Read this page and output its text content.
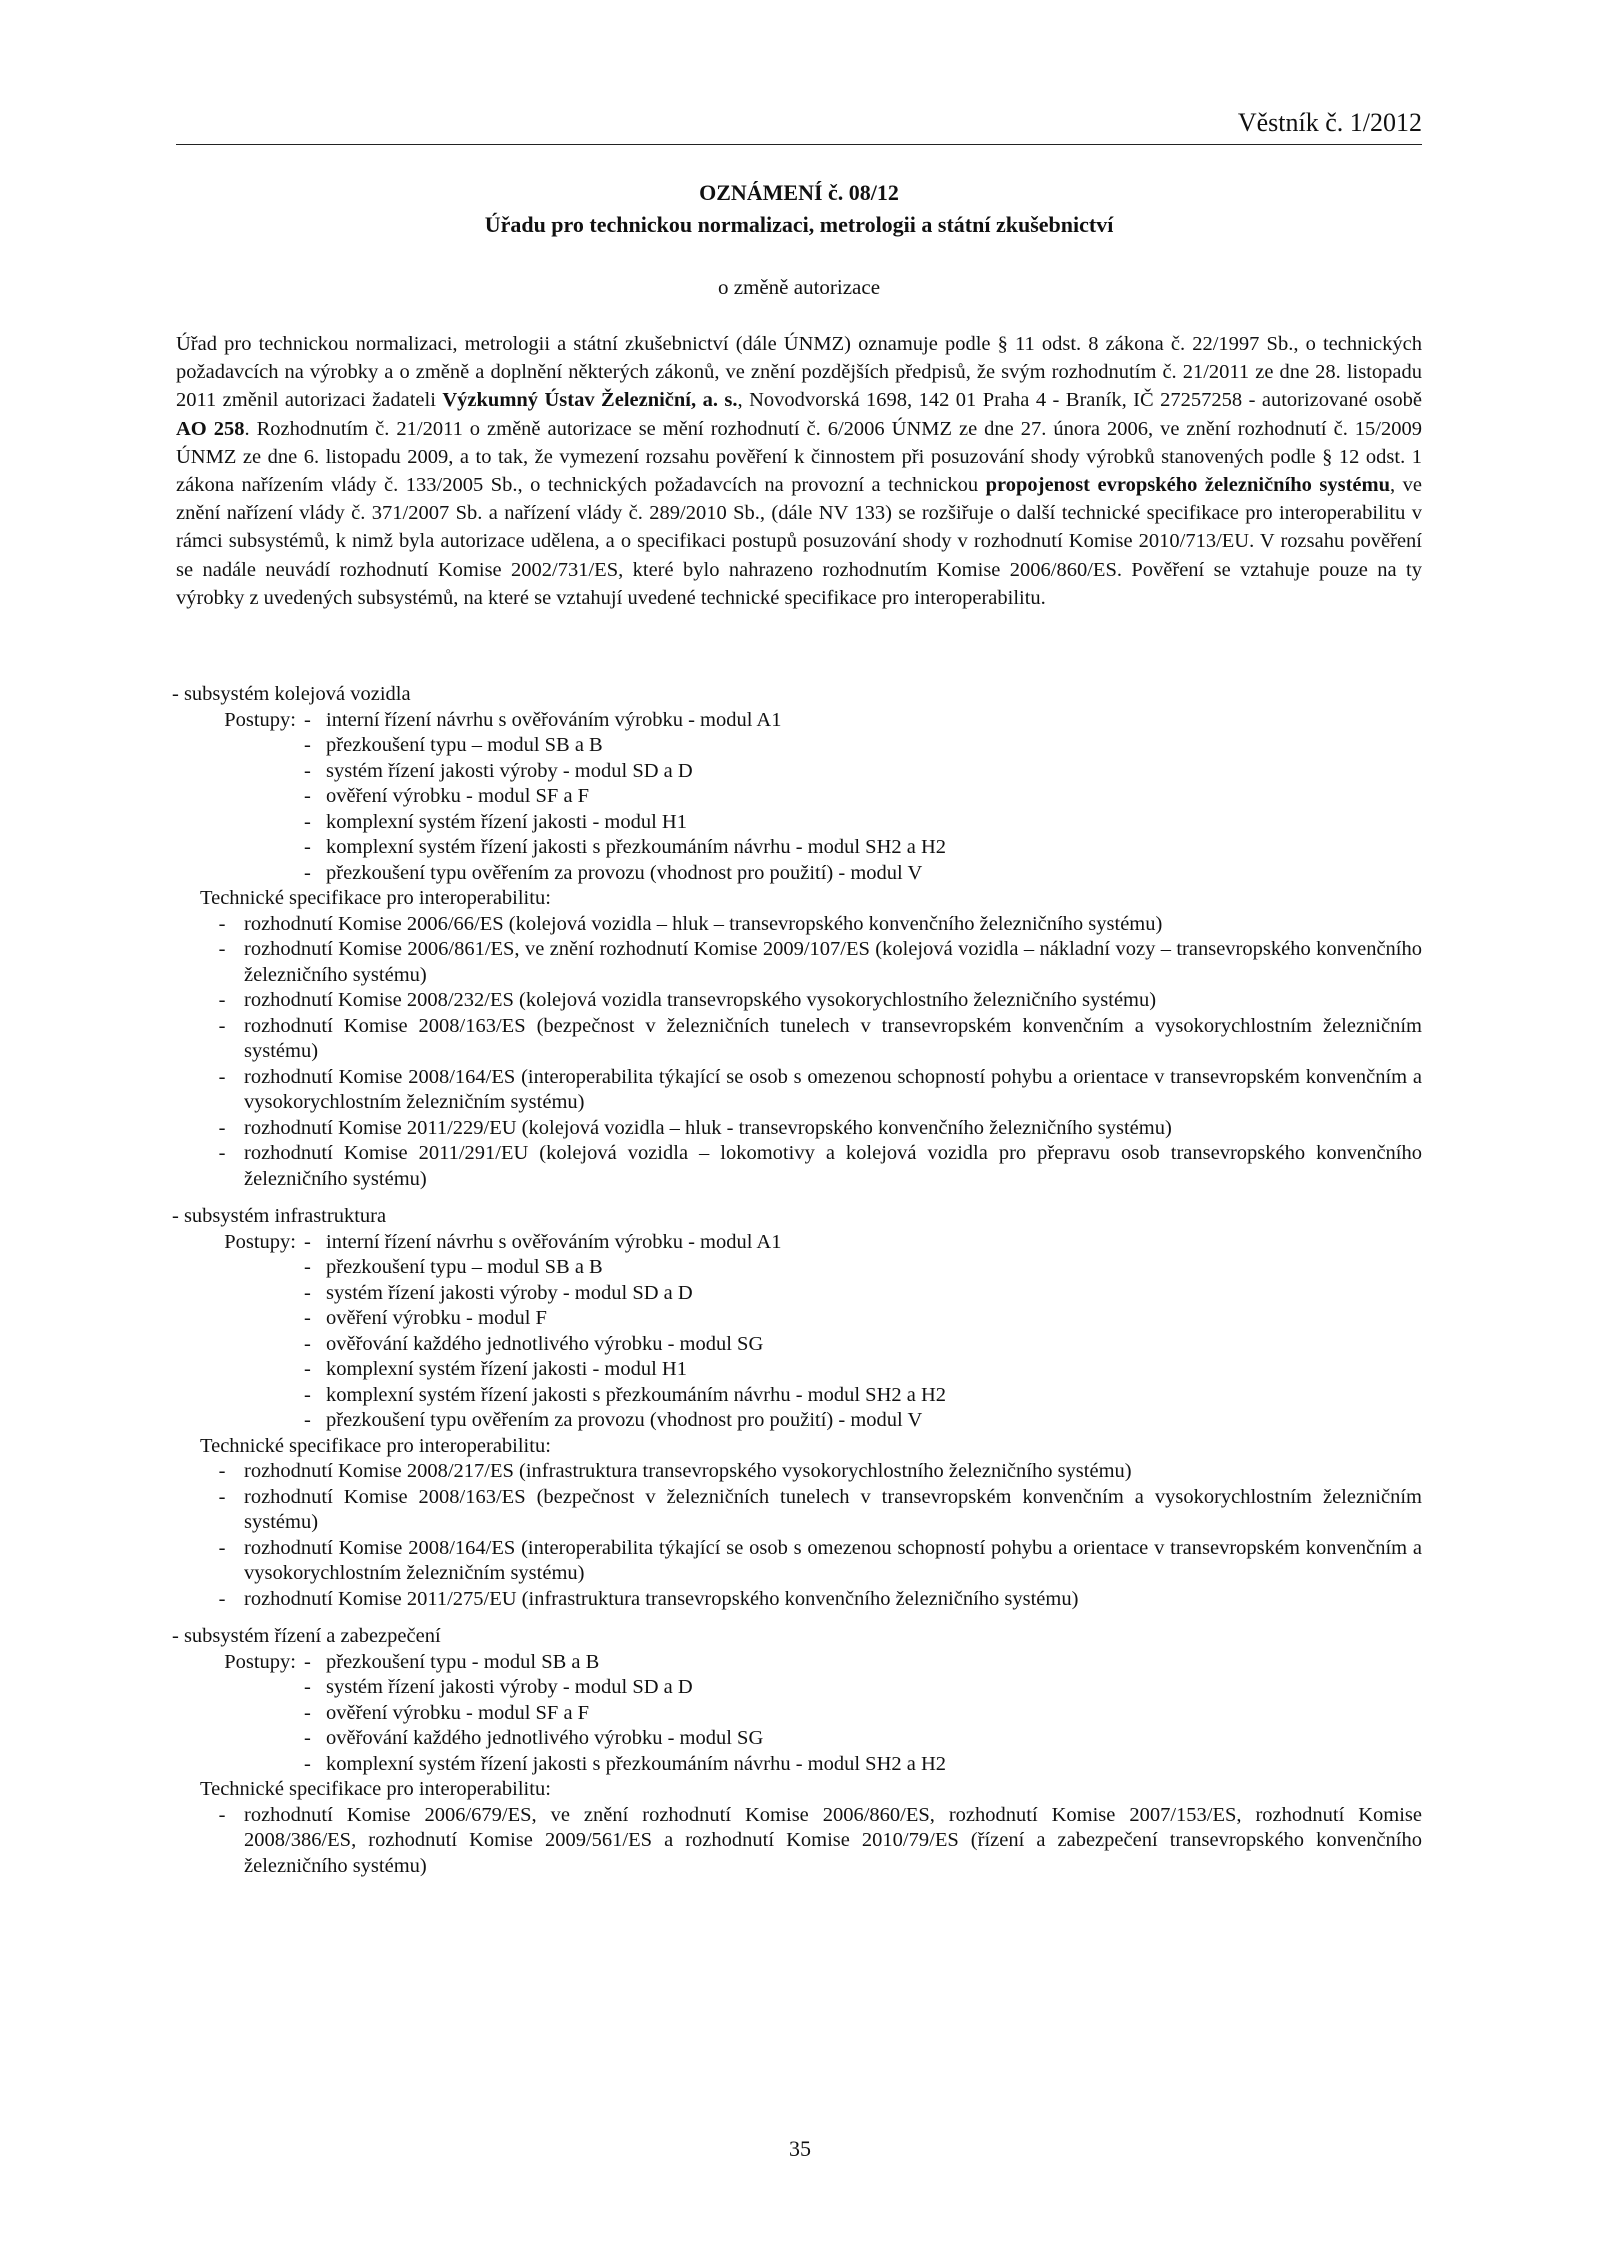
Věstník č. 1/2012
OZNÁMENÍ č. 08/12
Úřadu pro technickou normalizaci, metrologii a státní zkušebnictví
o změně autorizace
Úřad pro technickou normalizaci, metrologii a státní zkušebnictví (dále ÚNMZ) oznamuje podle § 11 odst. 8 zákona č. 22/1997 Sb., o technických požadavcích na výrobky a o změně a doplnění některých zákonů, ve znění pozdějších předpisů, že svým rozhodnutím č. 21/2011 ze dne 28. listopadu 2011 změnil autorizaci žadateli Výzkumný Ústav Železniční, a. s., Novodvorská 1698, 142 01 Praha 4 - Braník, IČ 27257258 - autorizované osobě AO 258. Rozhodnutím č. 21/2011 o změně autorizace se mění rozhodnutí č. 6/2006 ÚNMZ ze dne 27. února 2006, ve znění rozhodnutí č. 15/2009 ÚNMZ ze dne 6. listopadu 2009, a to tak, že vymezení rozsahu pověření k činnostem při posuzování shody výrobků stanovených podle § 12 odst. 1 zákona nařízením vlády č. 133/2005 Sb., o technických požadavcích na provozní a technickou propojenost evropského železničního systému, ve znění nařízení vlády č. 371/2007 Sb. a nařízení vlády č. 289/2010 Sb., (dále NV 133) se rozšiřuje o další technické specifikace pro interoperabilitu v rámci subsystémů, k nimž byla autorizace udělena, a o specifikaci postupů posuzování shody v rozhodnutí Komise 2010/713/EU. V rozsahu pověření se nadále neuvádí rozhodnutí Komise 2002/731/ES, které bylo nahrazeno rozhodnutím Komise 2006/860/ES. Pověření se vztahuje pouze na ty výrobky z uvedených subsystémů, na které se vztahují uvedené technické specifikace pro interoperabilitu.
- subsystém kolejová vozidla
Postupy: - interní řízení návrhu s ověřováním výrobku - modul A1
- přezkoušení typu – modul SB a B
- systém řízení jakosti výroby - modul SD a D
- ověření výrobku - modul SF a F
- komplexní systém řízení jakosti - modul H1
- komplexní systém řízení jakosti s přezkoumáním návrhu - modul SH2 a H2
- přezkoušení typu ověřením za provozu (vhodnost pro použití) - modul V
Technické specifikace pro interoperabilitu:
- rozhodnutí Komise 2006/66/ES (kolejová vozidla – hluk – transevropského konvenčního železničního systému)
- rozhodnutí Komise 2006/861/ES, ve znění rozhodnutí Komise 2009/107/ES (kolejová vozidla – nákladní vozy – transevropského konvenčního železničního systému)
- rozhodnutí Komise 2008/232/ES (kolejová vozidla transevropského vysokorychlostního železničního systému)
- rozhodnutí Komise 2008/163/ES (bezpečnost v železničních tunelech v transevropském konvenčním a vysokorychlostním železničním systému)
- rozhodnutí Komise 2008/164/ES (interoperabilita týkající se osob s omezenou schopností pohybu a orientace v transevropském konvenčním a vysokorychlostním železničním systému)
- rozhodnutí Komise 2011/229/EU (kolejová vozidla – hluk - transevropského konvenčního železničního systému)
- rozhodnutí Komise 2011/291/EU (kolejová vozidla – lokomotivy a kolejová vozidla pro přepravu osob transevropského konvenčního železničního systému)
- subsystém infrastruktura
Postupy: - interní řízení návrhu s ověřováním výrobku - modul A1
- přezkoušení typu – modul SB a B
- systém řízení jakosti výroby - modul SD a D
- ověření výrobku - modul F
- ověřování každého jednotlivého výrobku - modul SG
- komplexní systém řízení jakosti - modul H1
- komplexní systém řízení jakosti s přezkoumáním návrhu - modul SH2 a H2
- přezkoušení typu ověřením za provozu (vhodnost pro použití) - modul V
Technické specifikace pro interoperabilitu:
- rozhodnutí Komise 2008/217/ES (infrastruktura transevropského vysokorychlostního železničního systému)
- rozhodnutí Komise 2008/163/ES (bezpečnost v železničních tunelech v transevropském konvenčním a vysokorychlostním železničním systému)
- rozhodnutí Komise 2008/164/ES (interoperabilita týkající se osob s omezenou schopností pohybu a orientace v transevropském konvenčním a vysokorychlostním železničním systému)
- rozhodnutí Komise 2011/275/EU (infrastruktura transevropského konvenčního železničního systému)
- subsystém řízení a zabezpečení
Postupy: - přezkoušení typu - modul SB a B
- systém řízení jakosti výroby - modul SD a D
- ověření výrobku - modul SF a F
- ověřování každého jednotlivého výrobku - modul SG
- komplexní systém řízení jakosti s přezkoumáním návrhu - modul SH2 a H2
Technické specifikace pro interoperabilitu:
- rozhodnutí Komise 2006/679/ES, ve znění rozhodnutí Komise 2006/860/ES, rozhodnutí Komise 2007/153/ES, rozhodnutí Komise 2008/386/ES, rozhodnutí Komise 2009/561/ES a rozhodnutí Komise 2010/79/ES (řízení a zabezpečení transevropského konvenčního železničního systému)
35
